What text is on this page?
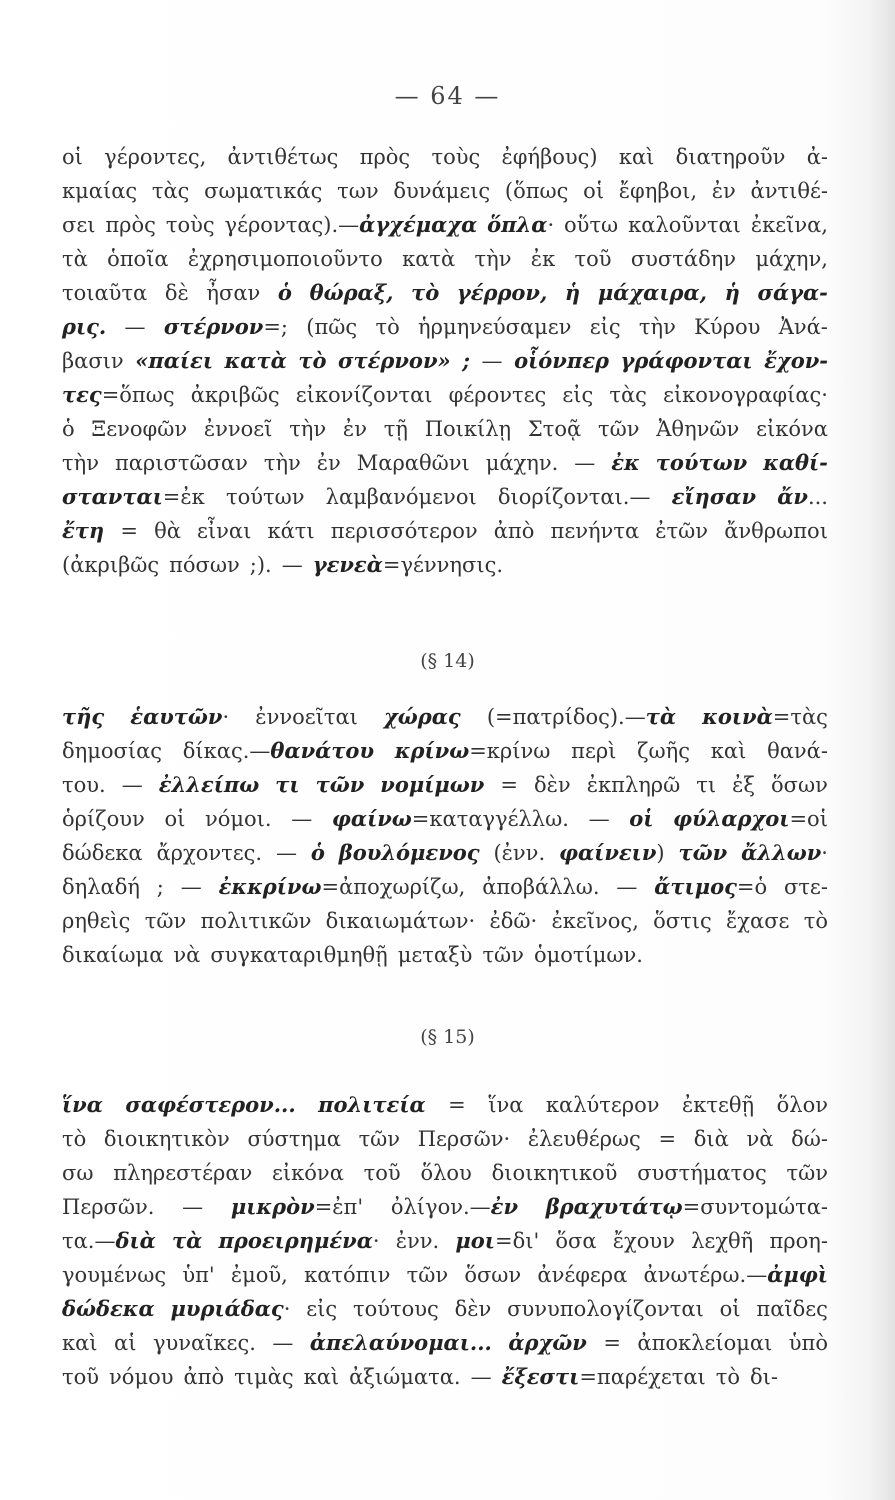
— 64 —
οἱ γέροντες, ἀντιθέτως πρὸς τοὺς ἐφήβους) καὶ διατηροῦν ἀ-
κμαίας τὰς σωματικάς των δυνάμεις (ὅπως οἱ ἔφηβοι, ἐν ἀντιθέ-
σει πρὸς τοὺς γέροντας).—ἀγχέμαχα ὅπλα· οὕτω καλοῦνται ἐκεῖνα,
τὰ ὁποῖα ἐχρησιμοποιοῦντο κατὰ τὴν ἐκ τοῦ συστάδην μάχην,
τοιαῦτα δὲ ἦσαν ὁ θώραξ, τὸ γέρρον, ἡ μάχαιρα, ἡ σάγα-
ρις. — στέρνον=; (πῶς τὸ ἡρμηνεύσαμεν εἰς τὴν Κύρου Ἀνά-
βασιν «παίει κατὰ τὸ στέρνον» ; — οἷόνπερ γράφονται ἔχον-
τες=ὅπως ἀκριβῶς εἰκονίζονται φέροντες εἰς τὰς εἰκονογραφίας·
ὁ Ξενοφῶν ἐννοεῖ τὴν ἐν τῇ Ποικίλῃ Στοᾷ τῶν Ἀθηνῶν εἰκόνα
τὴν παριστῶσαν τὴν ἐν Μαραθῶνι μάχην. — ἐκ τούτων καθί-
στανται=ἐκ τούτων λαμβανόμενοι διορίζονται.— εἴησαν ἄν...
ἔτη = θὰ εἶναι κάτι περισσότερον ἀπὸ πενήντα ἐτῶν ἄνθρωποι
(ἀκριβῶς πόσων ;). — γενεὰ=γέννησις.
(§ 14)
τῆς ἑαυτῶν· ἐννοεῖται χώρας (=πατρίδος).—τὰ κοινὰ=τὰς
δημοσίας δίκας.—θανάτου κρίνω=κρίνω περὶ ζωῆς καὶ θανά-
του. — ἐλλείπω τι τῶν νομίμων = δὲν ἐκπληρῶ τι ἐξ ὅσων
ὁρίζουν οἱ νόμοι. — φαίνω=καταγγέλλω. — οἱ φύλαρχοι=οἱ
δώδεκα ἄρχοντες. — ὁ βουλόμενος (ἐνν. φαίνειν) τῶν ἄλλων·
δηλαδή ; — ἐκκρίνω=ἀποχωρίζω, ἀποβάλλω. — ἄτιμος=ὁ στε-
ρηθεὶς τῶν πολιτικῶν δικαιωμάτων· ἐδῶ· ἐκεῖνος, ὅστις ἔχασε τὸ
δικαίωμα νὰ συγκαταριθμηθῇ μεταξὺ τῶν ὁμοτίμων.
(§ 15)
ἵνα σαφέστερον... πολιτεία = ἵνα καλύτερον ἐκτεθῇ ὅλον
τὸ διοικητικὸν σύστημα τῶν Περσῶν· ἐλευθέρως = διὰ νὰ δώ-
σω πληρεστέραν εἰκόνα τοῦ ὅλου διοικητικοῦ συστήματος τῶν
Περσῶν. — μικρὸν=ἐπ' ὀλίγον.—ἐν βραχυτάτῳ=συντομώτα-
τα.—διὰ τὰ προειρημένα· ἐνν. μοι=δι' ὅσα ἔχουν λεχθῆ προη-
γουμένως ὑπ' ἐμοῦ, κατόπιν τῶν ὅσων ἀνέφερα ἀνωτέρω.—ἀμφὶ
δώδεκα μυριάδας· εἰς τούτους δὲν συνυπολογίζονται οἱ παῖδες
καὶ αἱ γυναῖκες. — ἀπελαύνομαι... ἀρχῶν = ἀποκλείομαι ὑπὸ
τοῦ νόμου ἀπὸ τιμὰς καὶ ἀξιώματα. — ἔξεστι=παρέχεται τὸ δι-
